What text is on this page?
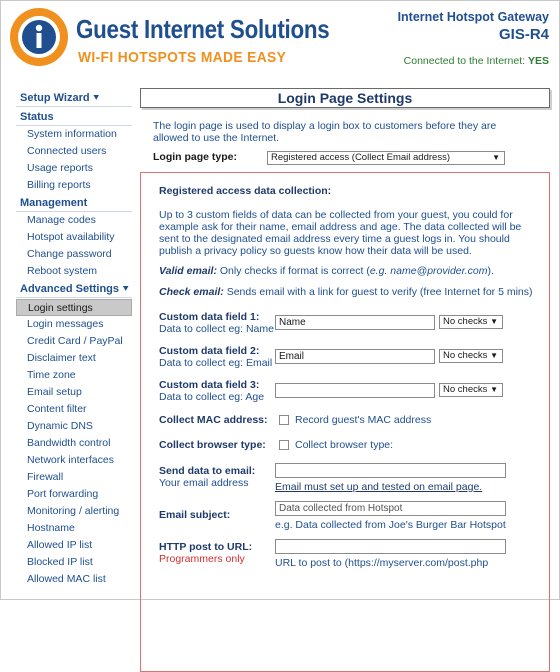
Guest Internet Solutions
WI-FI HOTSPOTS MADE EASY
Internet Hotspot Gateway
GIS-R4
Connected to the Internet: YES
Setup Wizard ⯆
Status
System information
Connected users
Usage reports
Billing reports
Management
Manage codes
Hotspot availability
Change password
Reboot system
Advanced Settings ⯆
Login settings
Login messages
Credit Card / PayPal
Disclaimer text
Time zone
Email setup
Content filter
Dynamic DNS
Bandwidth control
Network interfaces
Firewall
Port forwarding
Monitoring / alerting
Hostname
Allowed IP list
Blocked IP list
Allowed MAC list
Login Page Settings
The login page is used to display a login box to customers before they are allowed to use the Internet.
Login page type:	Registered access (Collect Email address)	▼
Registered access data collection:
Up to 3 custom fields of data can be collected from your guest, you could for example ask for their name, email address and age. The data collected will be sent to the designated email address every time a guest logs in. You should publish a privacy policy so guests know how their data will be used.
Valid email: Only checks if format is correct (e.g. name@provider.com).
Check email: Sends email with a link for guest to verify (free Internet for 5 mins)
Custom data field 1:
Data to collect eg: Name
Name	No checks ▼
Custom data field 2:
Data to collect eg: Email
Email	No checks ▼
Custom data field 3:
Data to collect eg: Age
No checks ▼
Collect MAC address:	Record guest's MAC address
Collect browser type:	Collect browser type:
Send data to email:
Your email address	Email must set up and tested on email page.
Email subject:
Data collected from Hotspot
e.g. Data collected from Joe's Burger Bar Hotspot
HTTP post to URL:
Programmers only	URL to post to (https://myserver.com/post.php
